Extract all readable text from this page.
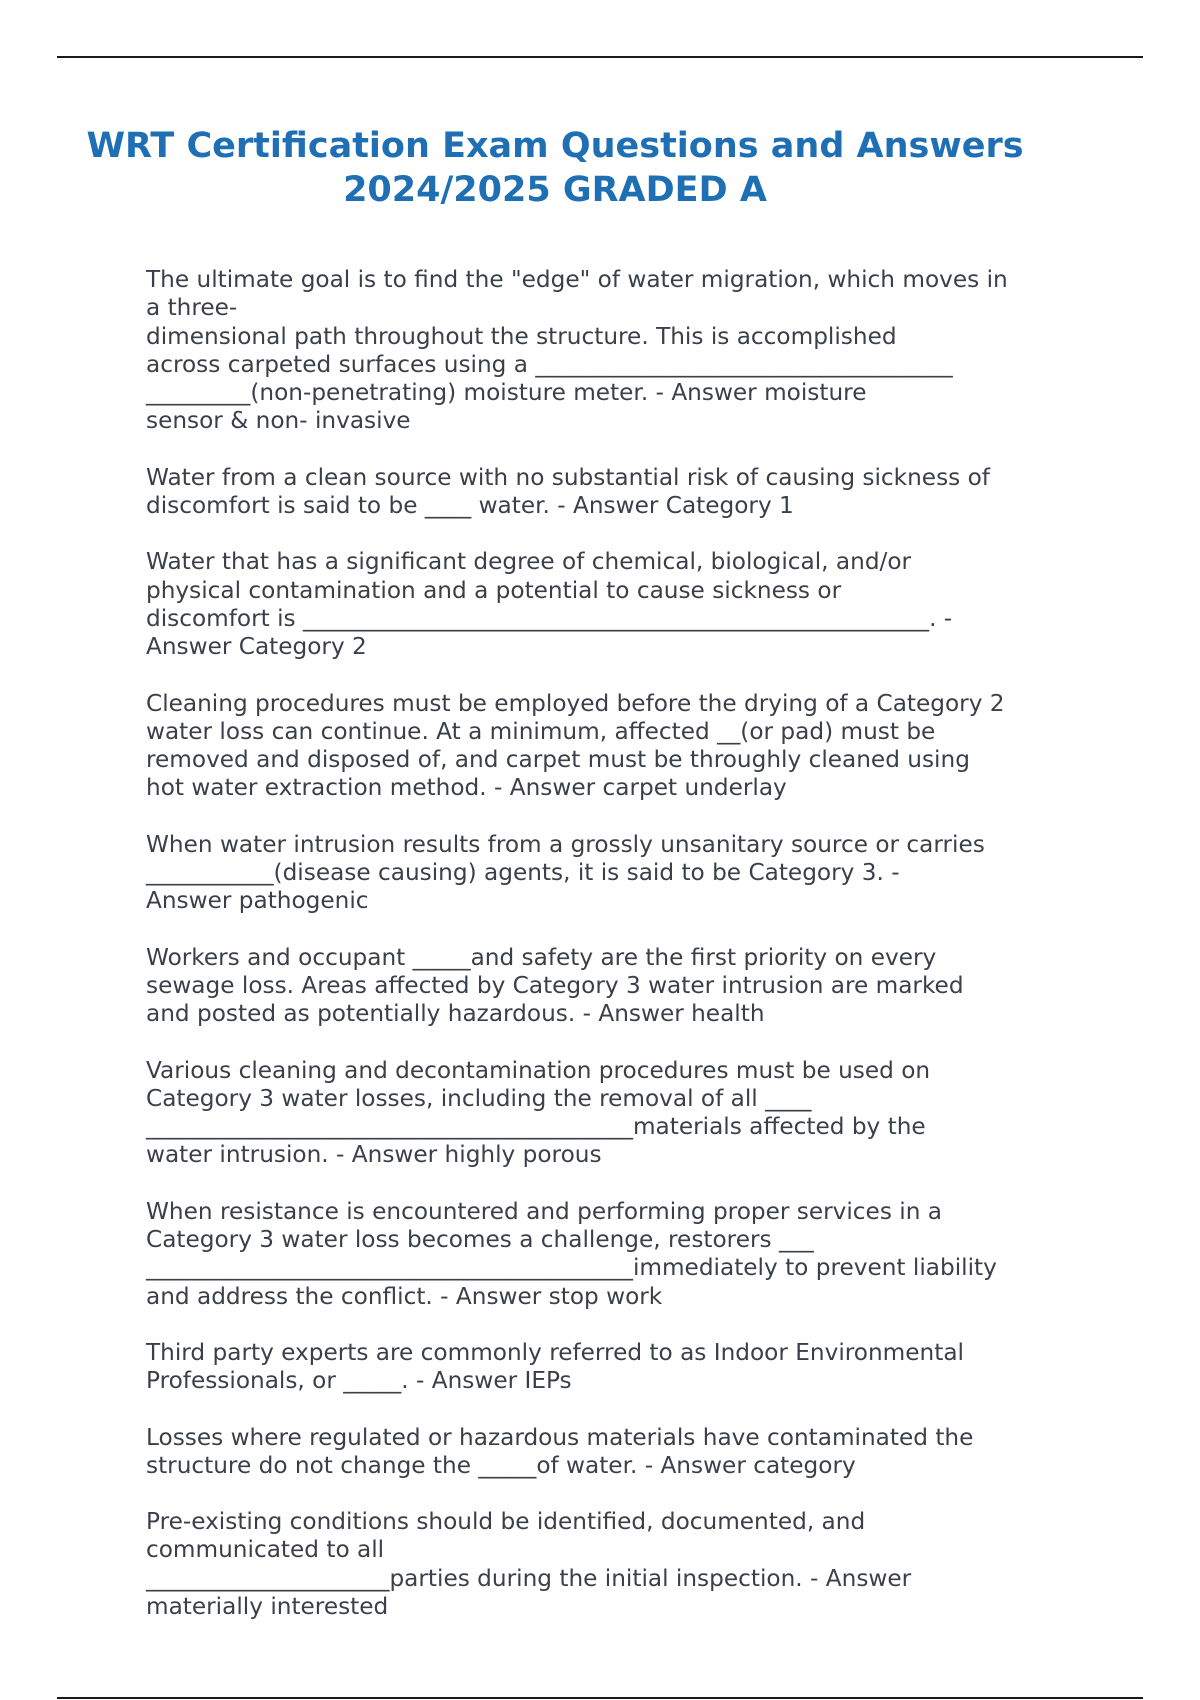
WRT Certification Exam Questions and Answers
2024/2025 GRADED A
The ultimate goal is to find the "edge" of water migration, which moves in
a three-
dimensional path throughout the structure. This is accomplished
across carpeted surfaces using a ____________________________________
_________(non-penetrating) moisture meter. - Answer moisture
sensor & non- invasive
Water from a clean source with no substantial risk of causing sickness of
discomfort is said to be ____ water. - Answer Category 1
Water that has a significant degree of chemical, biological, and/or
physical contamination and a potential to cause sickness or
discomfort is ______________________________________________________. -
Answer Category 2
Cleaning procedures must be employed before the drying of a Category 2
water loss can continue. At a minimum, affected __(or pad) must be
removed and disposed of, and carpet must be throughly cleaned using
hot water extraction method. - Answer carpet underlay
When water intrusion results from a grossly unsanitary source or carries
___________(disease causing) agents, it is said to be Category 3. -
Answer pathogenic
Workers and occupant _____and safety are the first priority on every
sewage loss. Areas affected by Category 3 water intrusion are marked
and posted as potentially hazardous. - Answer health
Various cleaning and decontamination procedures must be used on
Category 3 water losses, including the removal of all ____
__________________________________________materials affected by the
water intrusion. - Answer highly porous
When resistance is encountered and performing proper services in a
Category 3 water loss becomes a challenge, restorers ___
__________________________________________immediately to prevent liability
and address the conflict. - Answer stop work
Third party experts are commonly referred to as Indoor Environmental
Professionals, or _____. - Answer IEPs
Losses where regulated or hazardous materials have contaminated the
structure do not change the _____of water. - Answer category
Pre-existing conditions should be identified, documented, and
communicated to all
_____________________parties during the initial inspection. - Answer
materially interested
